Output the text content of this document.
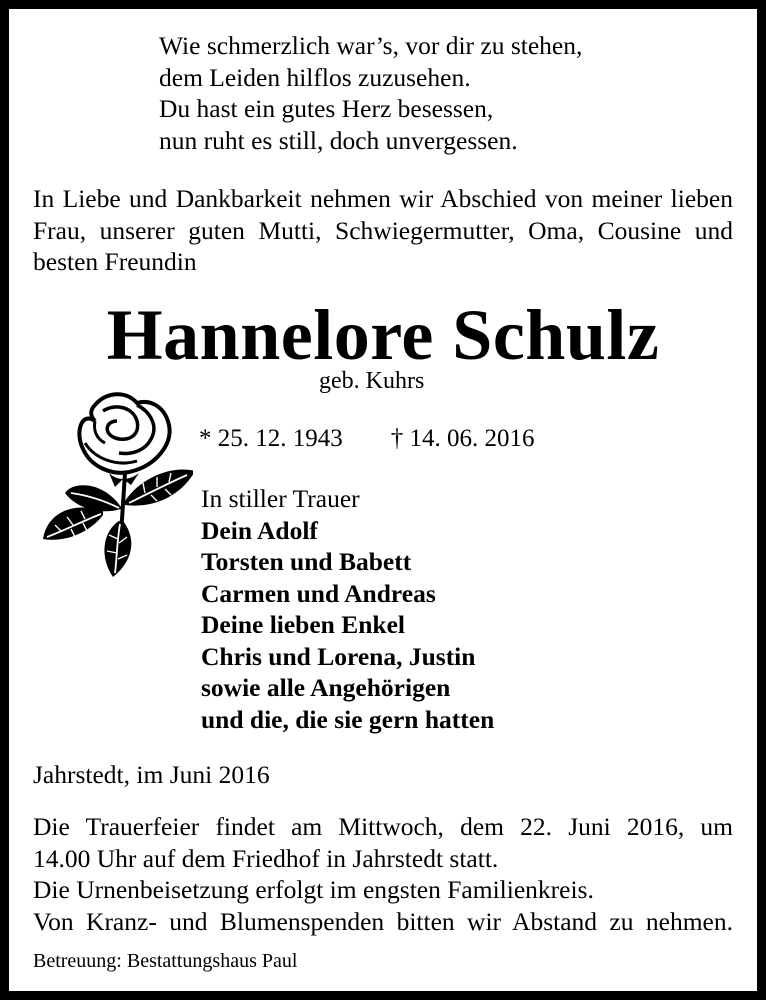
Wie schmerzlich war’s, vor dir zu stehen,
dem Leiden hilflos zuzusehen.
Du hast ein gutes Herz besessen,
nun ruht es still, doch unvergessen.
In Liebe und Dankbarkeit nehmen wir Abschied von meiner lieben Frau, unserer guten Mutti, Schwiegermutter, Oma, Cousine und besten Freundin
Hannelore Schulz
geb. Kuhrs
* 25. 12. 1943 † 14. 06. 2016
In stiller Trauer
Dein Adolf
Torsten und Babett
Carmen und Andreas
Deine lieben Enkel
Chris und Lorena, Justin
sowie alle Angehörigen
und die, die sie gern hatten
Jahrstedt, im Juni 2016
Die Trauerfeier findet am Mittwoch, dem 22. Juni 2016, um
14.00 Uhr auf dem Friedhof in Jahrstedt statt.
Die Urnenbeisetzung erfolgt im engsten Familienkreis.
Von Kranz- und Blumenspenden bitten wir Abstand zu nehmen.
Betreuung: Bestattungshaus Paul
